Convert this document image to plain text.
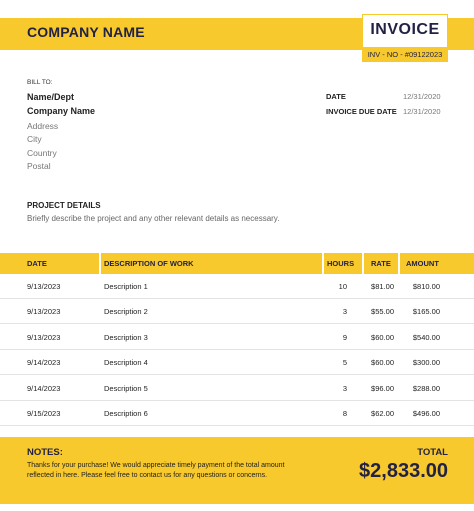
COMPANY NAME	INVOICE
INV - NO - #09122023
BILL TO:
Name/Dept
Company Name
Address
City
Country
Postal
DATE	12/31/2020
INVOICE DUE DATE 12/31/2020
PROJECT DETAILS
Briefly describe the project and any other relevant details as necessary.
DATE	DESCRIPTION OF WORK	HOURS RATE AMOUNT
9/13/2023	Description 1	10	$81.00	$810.00
9/13/2023	Description 2	3	$55.00	$165.00
9/13/2023	Description 3	9	$60.00	$540.00
9/14/2023	Description 4	5	$60.00	$300.00
9/14/2023	Description 5	3	$96.00	$288.00
9/15/2023	Description 6	8	$62.00	$496.00
NOTES:
Thanks for your purchase! We would appreciate timely payment of the total amount reflected in here. Please feel free to contact us for any questions or concerns.
TOTAL
$2,833.00
